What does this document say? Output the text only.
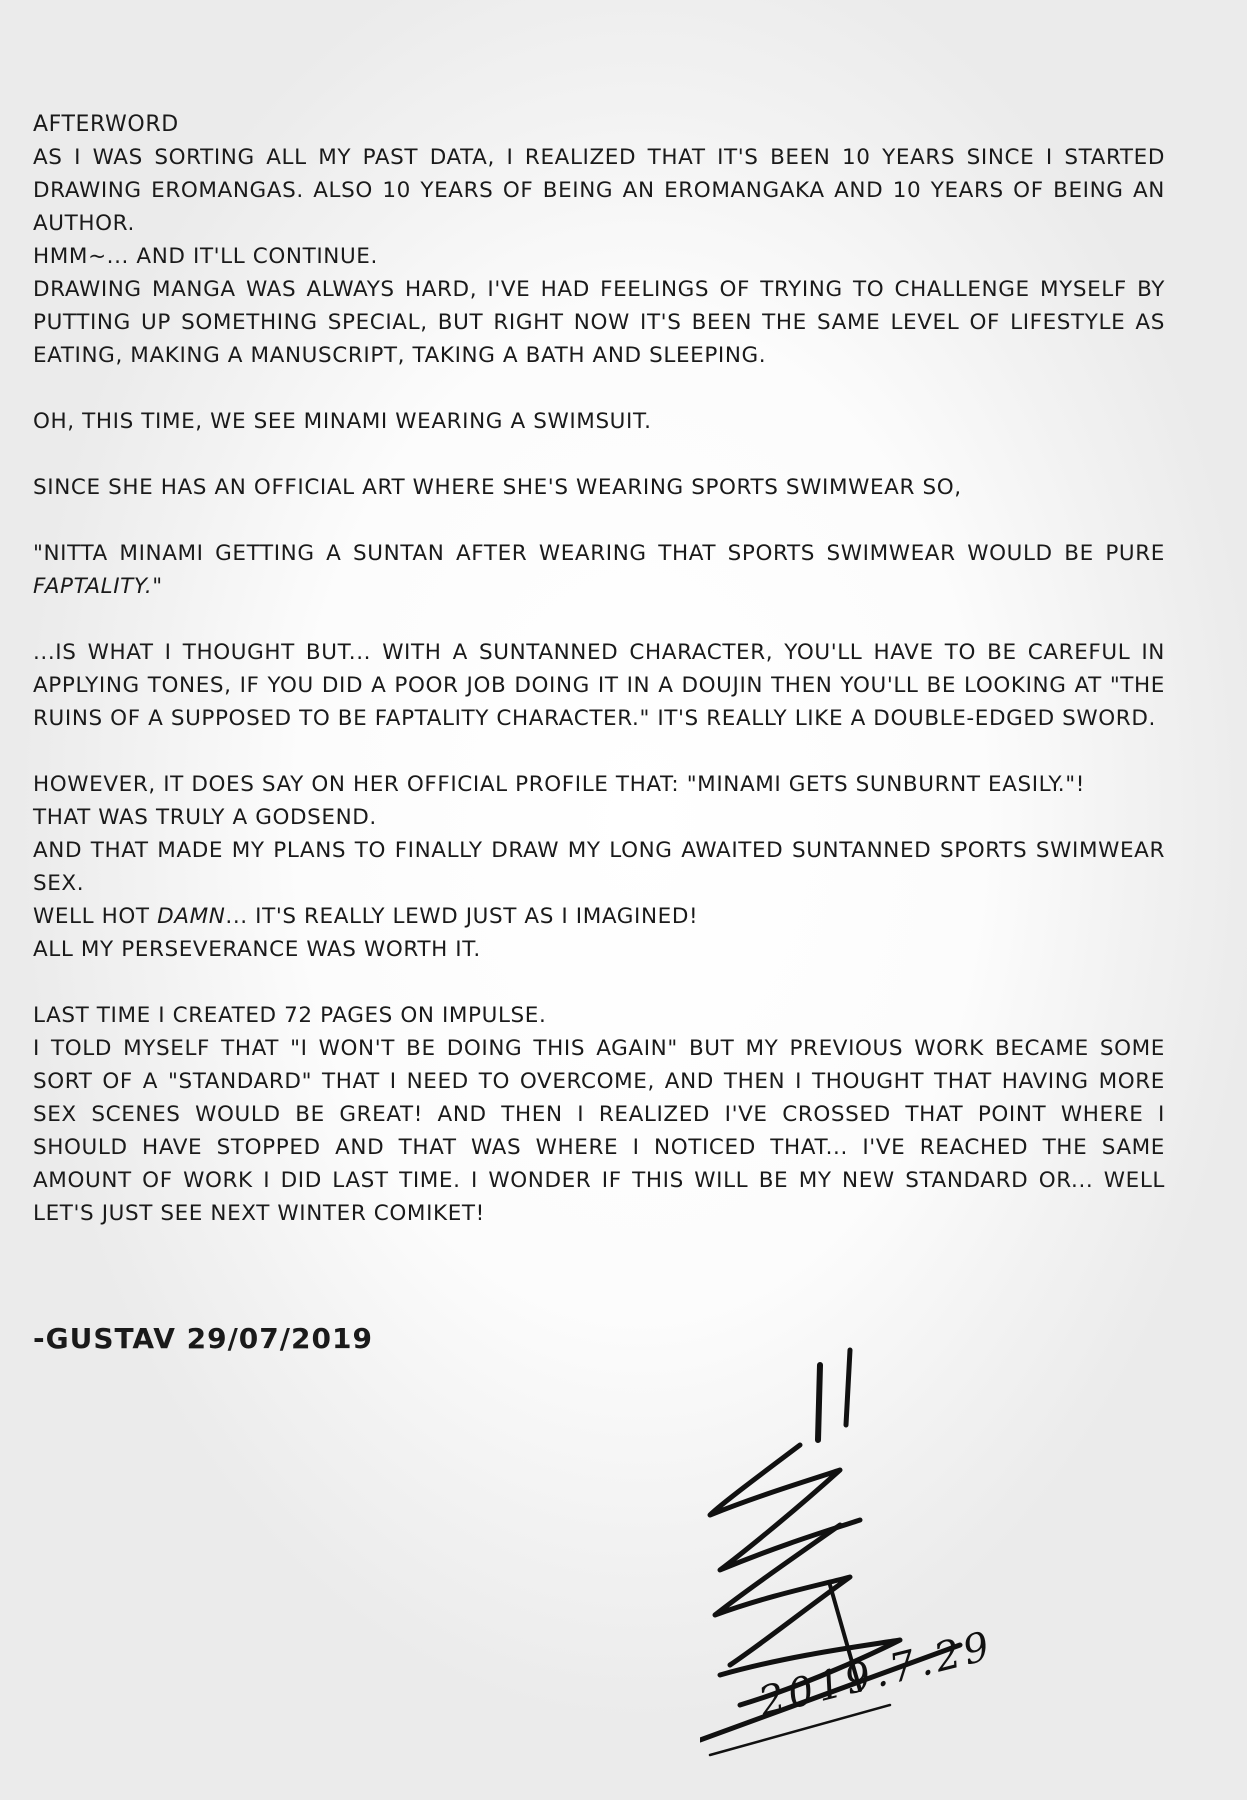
AFTERWORD

AS I WAS SORTING ALL MY PAST DATA, I REALIZED THAT IT'S BEEN 10 YEARS SINCE I STARTED DRAWING EROMANGAS. ALSO 10 YEARS OF BEING AN EROMANGAKA AND 10 YEARS OF BEING AN AUTHOR.

HMM~... AND IT'LL CONTINUE.

DRAWING MANGA WAS ALWAYS HARD, I'VE HAD FEELINGS OF TRYING TO CHALLENGE MYSELF BY PUTTING UP SOMETHING SPECIAL, BUT RIGHT NOW IT'S BEEN THE SAME LEVEL OF LIFESTYLE AS EATING, MAKING A MANUSCRIPT, TAKING A BATH AND SLEEPING.

OH, THIS TIME, WE SEE MINAMI WEARING A SWIMSUIT.

SINCE SHE HAS AN OFFICIAL ART WHERE SHE'S WEARING SPORTS SWIMWEAR SO,

"NITTA MINAMI GETTING A SUNTAN AFTER WEARING THAT SPORTS SWIMWEAR WOULD BE PURE FAPTALITY."

...IS WHAT I THOUGHT BUT... WITH A SUNTANNED CHARACTER, YOU'LL HAVE TO BE CAREFUL IN APPLYING TONES, IF YOU DID A POOR JOB DOING IT IN A DOUJIN THEN YOU'LL BE LOOKING AT "THE RUINS OF A SUPPOSED TO BE FAPTALITY CHARACTER." IT'S REALLY LIKE A DOUBLE-EDGED SWORD.

HOWEVER, IT DOES SAY ON HER OFFICIAL PROFILE THAT: "MINAMI GETS SUNBURNT EASILY."!

THAT WAS TRULY A GODSEND.

AND THAT MADE MY PLANS TO FINALLY DRAW MY LONG AWAITED SUNTANNED SPORTS SWIMWEAR SEX.

WELL HOT DAMN... IT'S REALLY LEWD JUST AS I IMAGINED!

ALL MY PERSEVERANCE WAS WORTH IT.

LAST TIME I CREATED 72 PAGES ON IMPULSE.

I TOLD MYSELF THAT "I WON'T BE DOING THIS AGAIN" BUT MY PREVIOUS WORK BECAME SOME SORT OF A "STANDARD" THAT I NEED TO OVERCOME, AND THEN I THOUGHT THAT HAVING MORE SEX SCENES WOULD BE GREAT! AND THEN I REALIZED I'VE CROSSED THAT POINT WHERE I SHOULD HAVE STOPPED AND THAT WAS WHERE I NOTICED THAT... I'VE REACHED THE SAME AMOUNT OF WORK I DID LAST TIME. I WONDER IF THIS WILL BE MY NEW STANDARD OR... WELL LET'S JUST SEE NEXT WINTER COMIKET!

-GUSTAV 29/07/2019
2019.7.29
